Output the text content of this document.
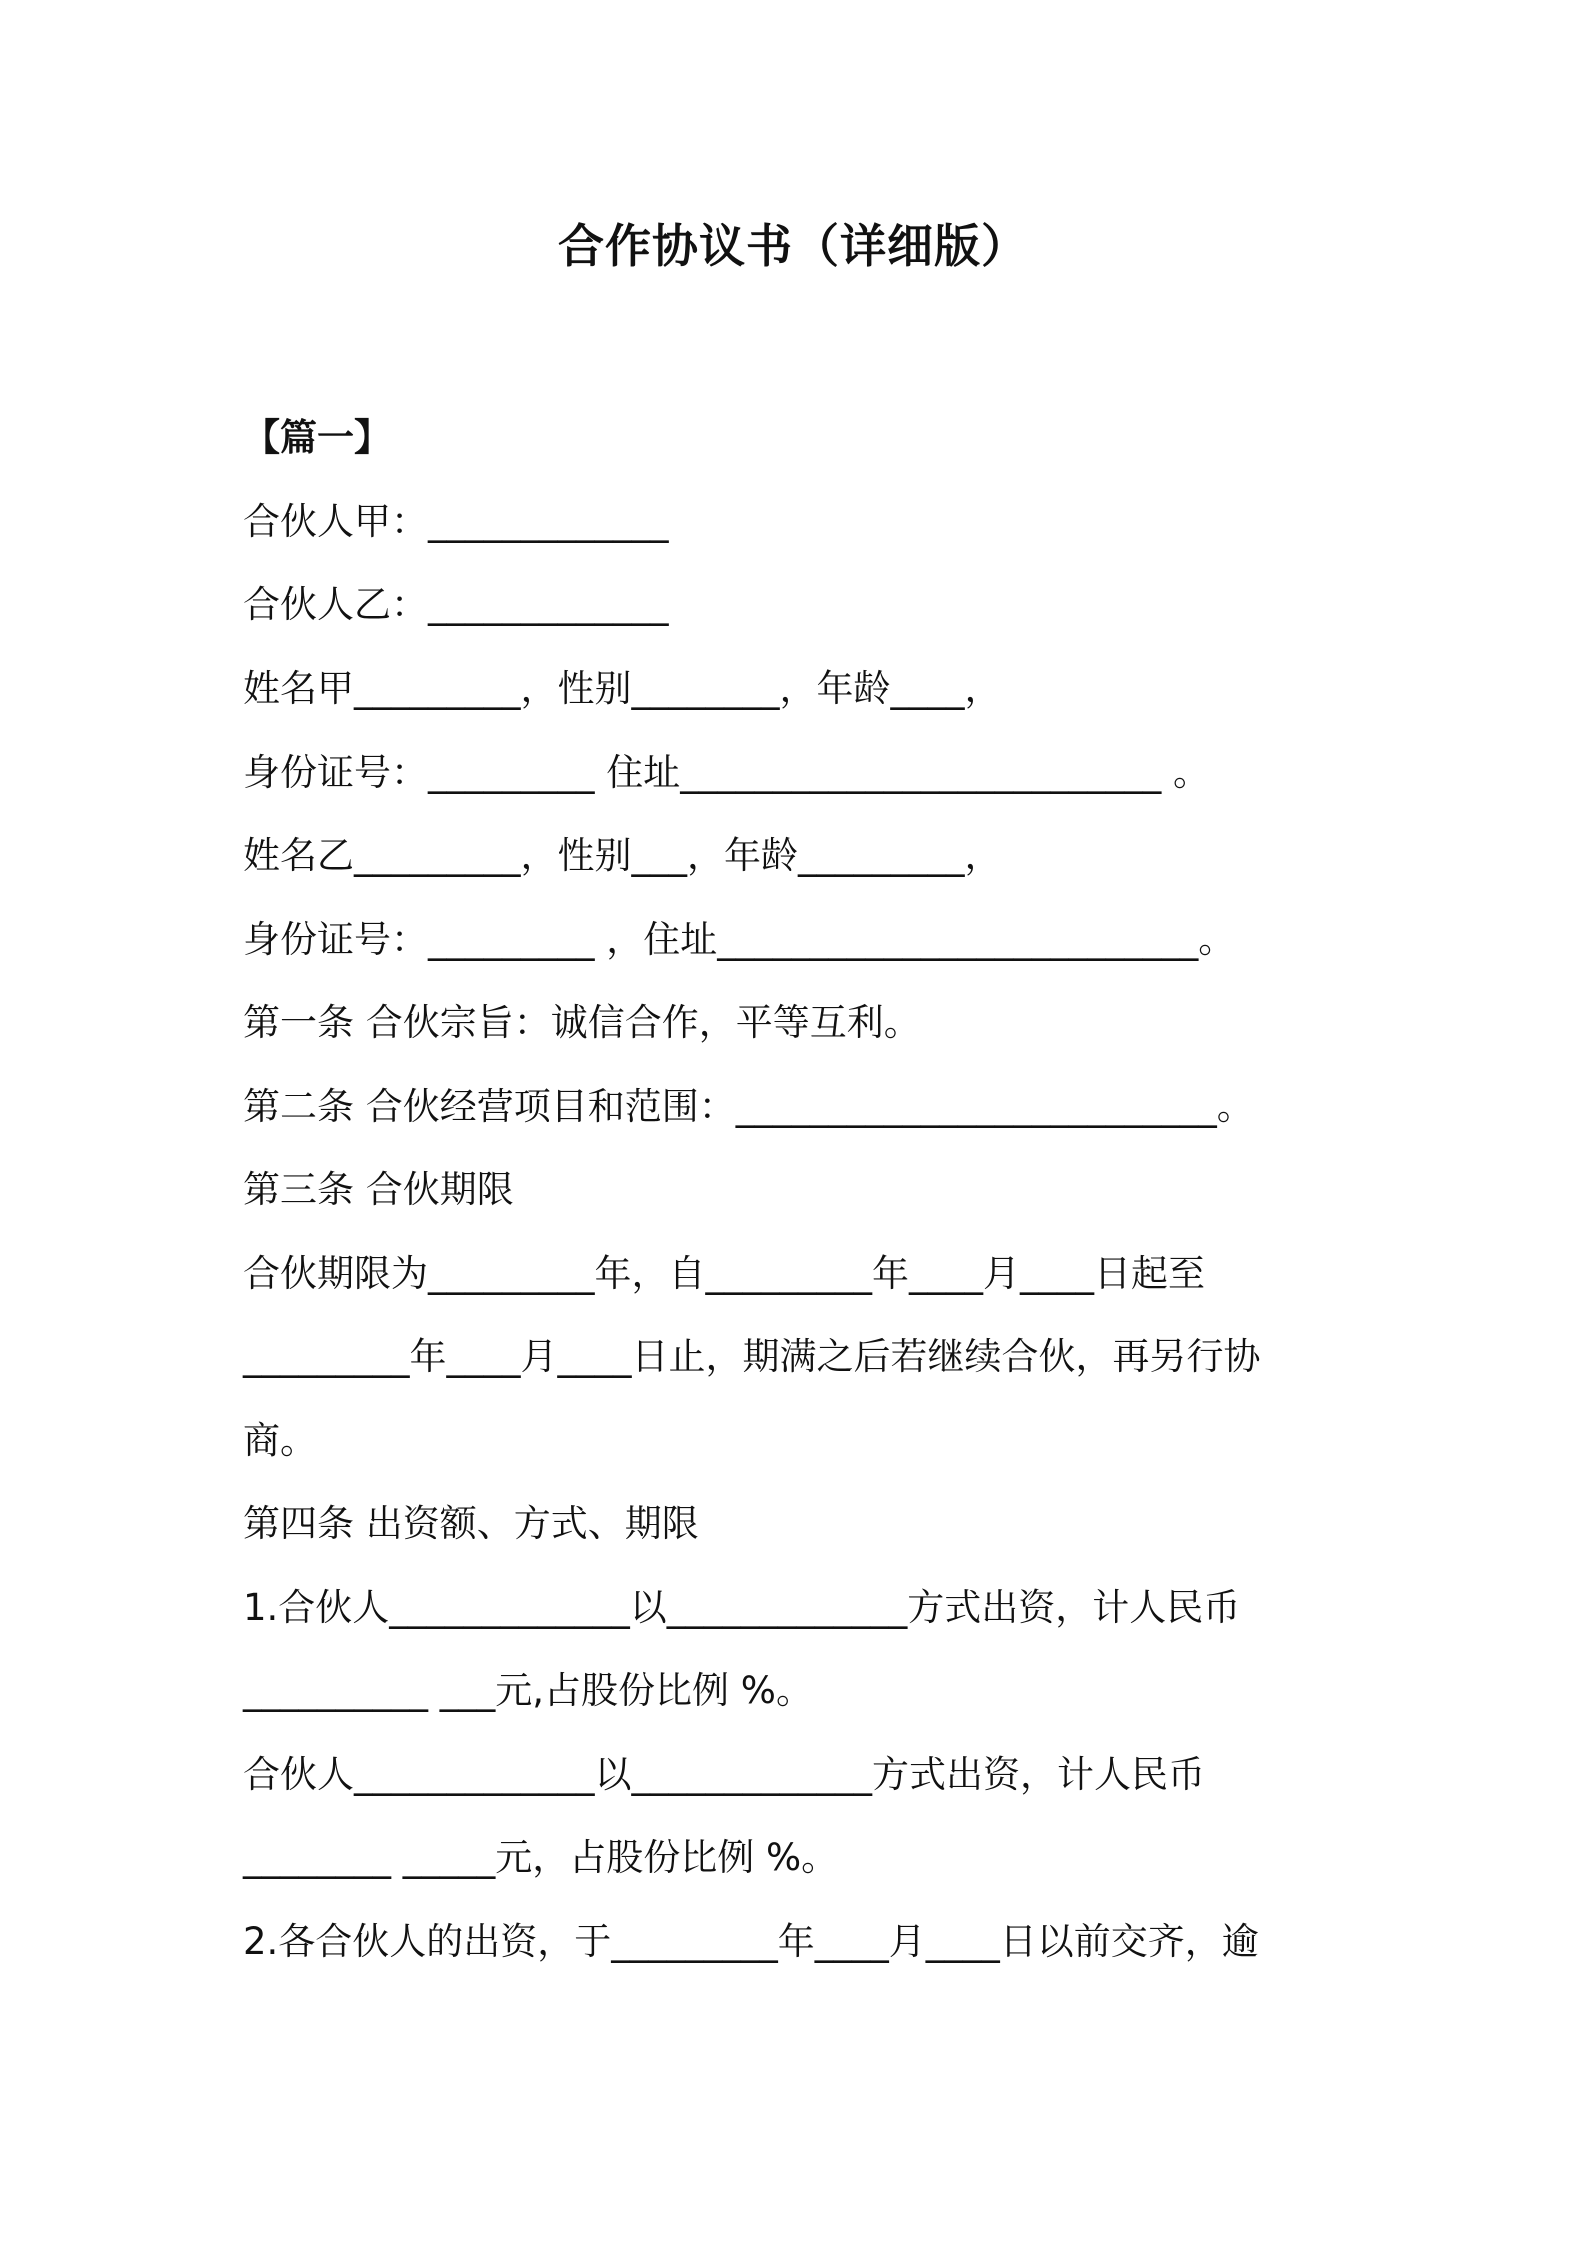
合作协议书（详细版）
【篇一】
合伙人甲：_____________
合伙人乙：_____________
姓名甲_________，性别________，年龄____，
身份证号：_________ 住址__________________________ 。
姓名乙_________，性别___，年龄_________，
身份证号：_________ ，住址__________________________。
第一条 合伙宗旨：诚信合作，平等互利。
第二条 合伙经营项目和范围：__________________________。
第三条 合伙期限
合伙期限为_________年，自_________年____月____日起至
_________年____月____日止，期满之后若继续合伙，再另行协
商。
第四条 出资额、方式、期限
1.合伙人_____________以_____________方式出资，计人民币
__________ ___元,占股份比例 %。
合伙人_____________以_____________方式出资，计人民币
________ _____元，占股份比例 %。
2.各合伙人的出资，于_________年____月____日以前交齐，逾
